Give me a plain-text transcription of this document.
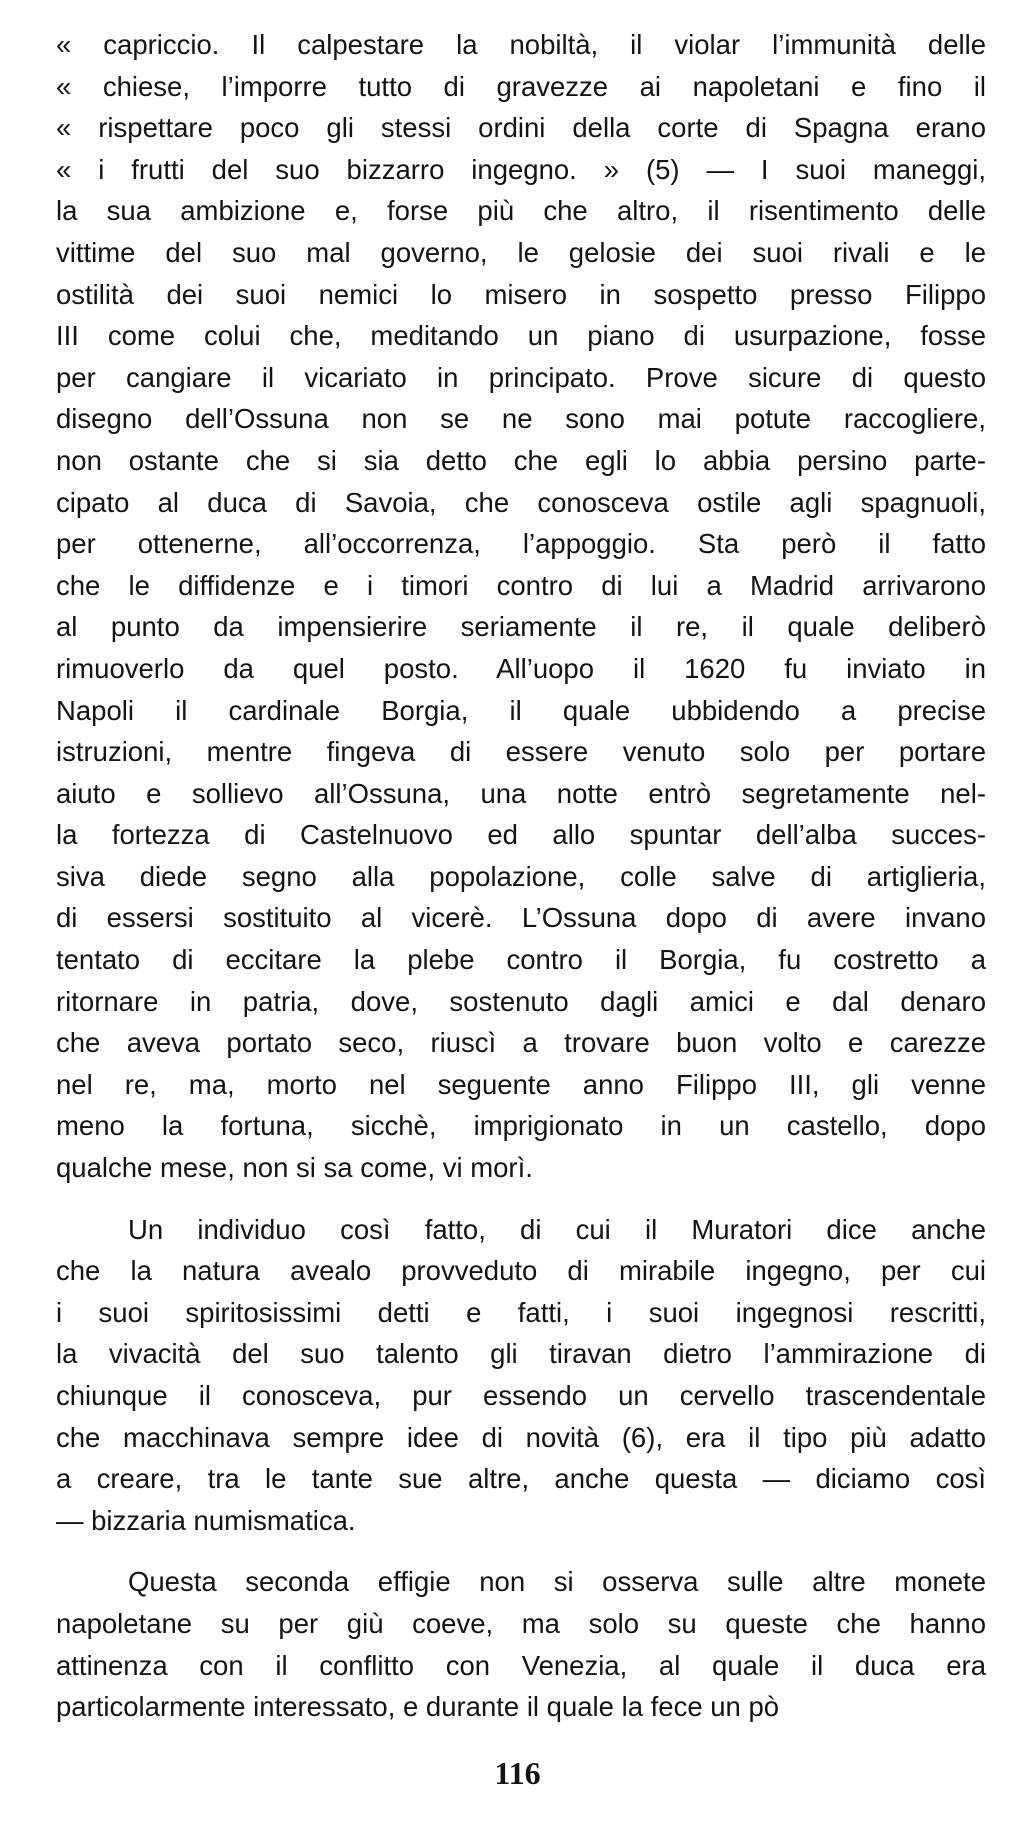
« capriccio. Il calpestare la nobiltà, il violar l’immunità delle
« chiese, l’imporre tutto di gravezze ai napoletani e fino il
« rispettare poco gli stessi ordini della corte di Spagna erano
« i frutti del suo bizzarro ingegno. » (5) — I suoi maneggi,
la sua ambizione e, forse più che altro, il risentimento delle
vittime del suo mal governo, le gelosie dei suoi rivali e le
ostilità dei suoi nemici lo misero in sospetto presso Filippo
III come colui che, meditando un piano di usurpazione, fosse
per cangiare il vicariato in principato. Prove sicure di questo
disegno dell’Ossuna non se ne sono mai potute raccogliere,
non ostante che si sia detto che egli lo abbia persino parte-
cipato al duca di Savoia, che conosceva ostile agli spagnuoli,
per ottenerne, all’occorrenza, l’appoggio. Sta però il fatto
che le diffidenze e i timori contro di lui a Madrid arrivarono
al punto da impensierire seriamente il re, il quale deliberò
rimuoverlo da quel posto. All’uopo il 1620 fu inviato in
Napoli il cardinale Borgia, il quale ubbidendo a precise
istruzioni, mentre fingeva di essere venuto solo per portare
aiuto e sollievo all’Ossuna, una notte entrò segretamente nel-
la fortezza di Castelnuovo ed allo spuntar dell’alba succes-
siva diede segno alla popolazione, colle salve di artiglieria,
di essersi sostituito al vicerè. L’Ossuna dopo di avere invano
tentato di eccitare la plebe contro il Borgia, fu costretto a
ritornare in patria, dove, sostenuto dagli amici e dal denaro
che aveva portato seco, riuscì a trovare buon volto e carezze
nel re, ma, morto nel seguente anno Filippo III, gli venne
meno la fortuna, sicchè, imprigionato in un castello, dopo
qualche mese, non si sa come, vi morì.
Un individuo così fatto, di cui il Muratori dice anche
che la natura avealo provveduto di mirabile ingegno, per cui
i suoi spiritosissimi detti e fatti, i suoi ingegnosi rescritti,
la vivacità del suo talento gli tiravan dietro l’ammirazione di
chiunque il conosceva, pur essendo un cervello trascendentale
che macchinava sempre idee di novità (6), era il tipo più adatto
a creare, tra le tante sue altre, anche questa — diciamo così
— bizzaria numismatica.
Questa seconda effigie non si osserva sulle altre monete
napoletane su per giù coeve, ma solo su queste che hanno
attinenza con il conflitto con Venezia, al quale il duca era
particolarmente interessato, e durante il quale la fece un pò
116
